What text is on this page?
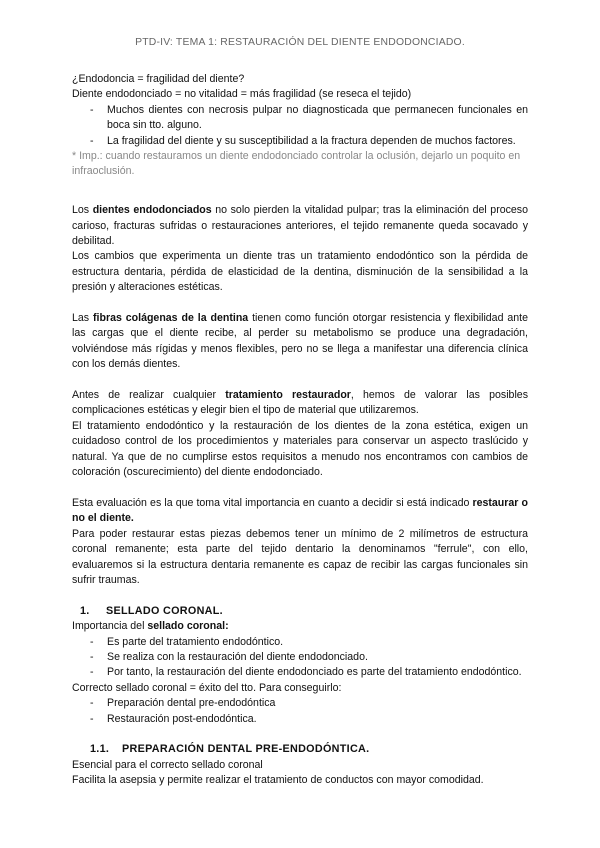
PTD-IV: TEMA 1: RESTAURACIÓN DEL DIENTE ENDODONCIADO.

¿Endodoncia = fragilidad del diente?

Diente endodonciado = no vitalidad = más fragilidad (se reseca el tejido)

- Muchos dientes con necrosis pulpar no diagnosticada que permanecen funcionales en boca sin tto. alguno.
- La fragilidad del diente y su susceptibilidad a la fractura dependen de muchos factores.

* Imp.: cuando restauramos un diente endodonciado controlar la oclusión, dejarlo un poquito en infraoclusión.

Los dientes endodonciados no solo pierden la vitalidad pulpar; tras la eliminación del proceso carioso, fracturas sufridas o restauraciones anteriores, el tejido remanente queda socavado y debilitad.

Los cambios que experimenta un diente tras un tratamiento endodóntico son la pérdida de estructura dentaria, pérdida de elasticidad de la dentina, disminución de la sensibilidad a la presión y alteraciones estéticas.

Las fibras colágenas de la dentina tienen como función otorgar resistencia y flexibilidad ante las cargas que el diente recibe, al perder su metabolismo se produce una degradación, volviéndose más rígidas y menos flexibles, pero no se llega a manifestar una diferencia clínica con los demás dientes.

Antes de realizar cualquier tratamiento restaurador, hemos de valorar las posibles complicaciones estéticas y elegir bien el tipo de material que utilizaremos.

El tratamiento endodóntico y la restauración de los dientes de la zona estética, exigen un cuidadoso control de los procedimientos y materiales para conservar un aspecto traslúcido y natural. Ya que de no cumplirse estos requisitos a menudo nos encontramos con cambios de coloración (oscurecimiento) del diente endodonciado.

Esta evaluación es la que toma vital importancia en cuanto a decidir si está indicado restaurar o no el diente.

Para poder restaurar estas piezas debemos tener un mínimo de 2 milímetros de estructura coronal remanente; esta parte del tejido dentario la denominamos "ferrule", con ello, evaluaremos si la estructura dentaria remanente es capaz de recibir las cargas funcionales sin sufrir traumas.

1. SELLADO CORONAL.

Importancia del sellado coronal:

- Es parte del tratamiento endodóntico.
- Se realiza con la restauración del diente endodonciado.
- Por tanto, la restauración del diente endodonciado es parte del tratamiento endodóntico.

Correcto sellado coronal = éxito del tto. Para conseguirlo:

- Preparación dental pre-endodóntica
- Restauración post-endodóntica.
1.1. PREPARACIÓN DENTAL PRE-ENDODÓNTICA.

Esencial para el correcto sellado coronal

Facilita la asepsia y permite realizar el tratamiento de conductos con mayor comodidad.
